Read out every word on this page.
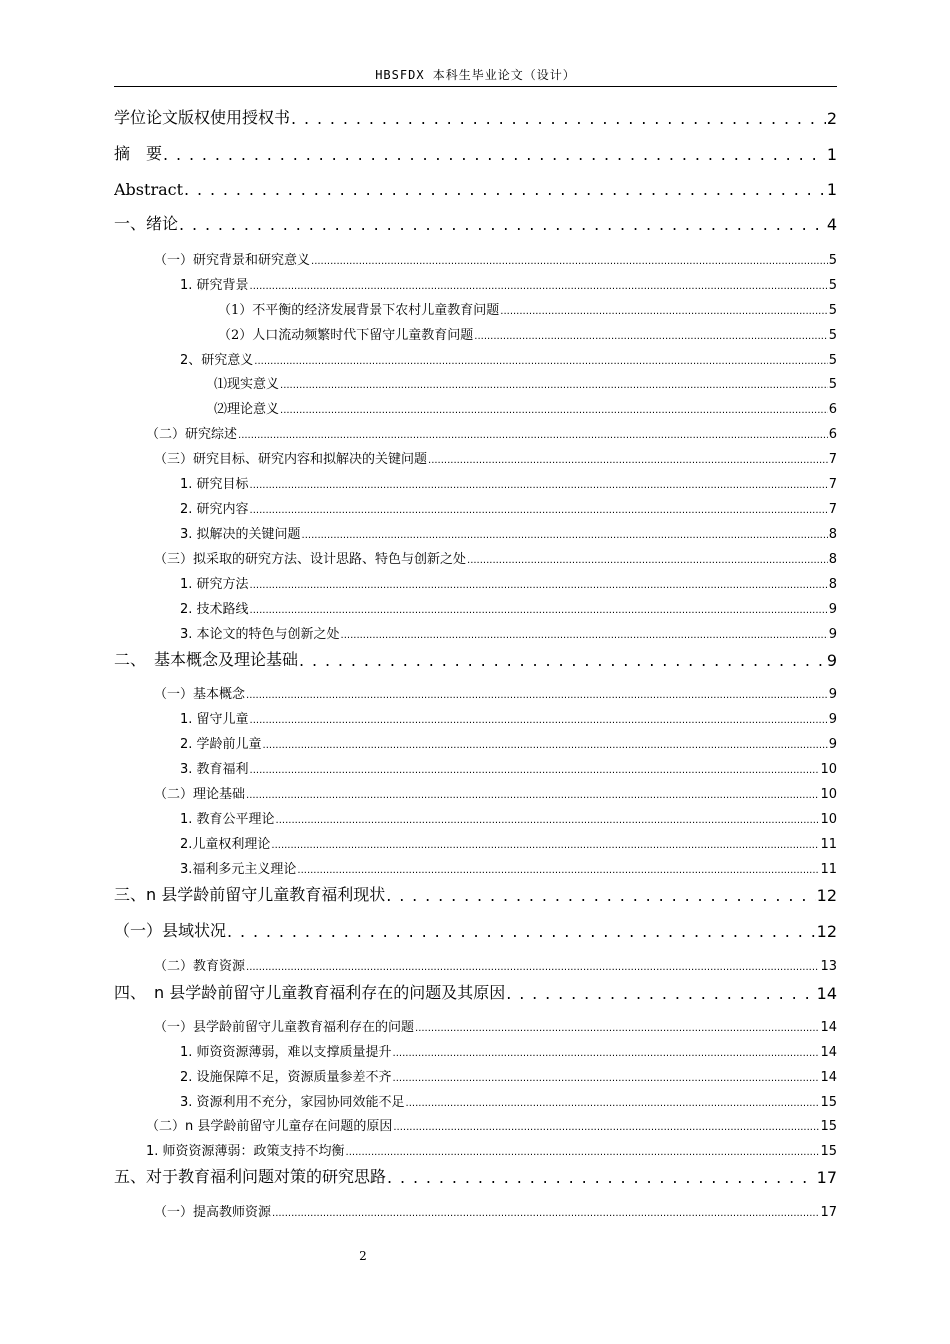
HBSFDX 本科生毕业论文（设计）
学位论文版权使用授权书 . . .	2
摘　要 . . .	1
Abstract . . .	1
一、绪论 . . .	4
（一）研究背景和研究意义 .....	5
1. 研究背景 .....	5
（1）不平衡的经济发展背景下农村儿童教育问题 .....	5
（2）人口流动频繁时代下留守儿童教育问题 .....	5
2、研究意义 .....	5
⑴现实意义 .....	5
⑵理论意义 .....	6
（二）研究综述 .....	6
（三）研究目标、研究内容和拟解决的关键问题 .....	7
1. 研究目标 .....	7
2. 研究内容 .....	7
3. 拟解决的关键问题 .....	8
（三）拟采取的研究方法、设计思路、特色与创新之处 .....	8
1. 研究方法 .....	8
2. 技术路线 .....	9
3. 本论文的特色与创新之处 .....	9
二、　基本概念及理论基础 . . .	9
（一）基本概念 .....	9
1. 留守儿童 .....	9
2. 学龄前儿童 .....	9
3. 教育福利 .....	10
（二）理论基础 .....	10
1. 教育公平理论 .....	10
2.儿童权利理论 .....	11
3.福利多元主义理论 .....	11
三、n 县学龄前留守儿童教育福利现状 . . .	12
（一）县域状况 . . .	12
（二）教育资源 .....	13
四、　n 县学龄前留守儿童教育福利存在的问题及其原因 . . .	14
（一）县学龄前留守儿童教育福利存在的问题 .....	14
1. 师资资源薄弱，难以支撑质量提升 .....	14
2. 设施保障不足，资源质量参差不齐 .....	14
3. 资源利用不充分，家园协同效能不足 .....	15
（二）n 县学龄前留守儿童存在问题的原因 .....	15
1. 师资资源薄弱：政策支持不均衡 .....	15
五、对于教育福利问题对策的研究思路 . . .	17
（一）提高教师资源 .....	17
2
